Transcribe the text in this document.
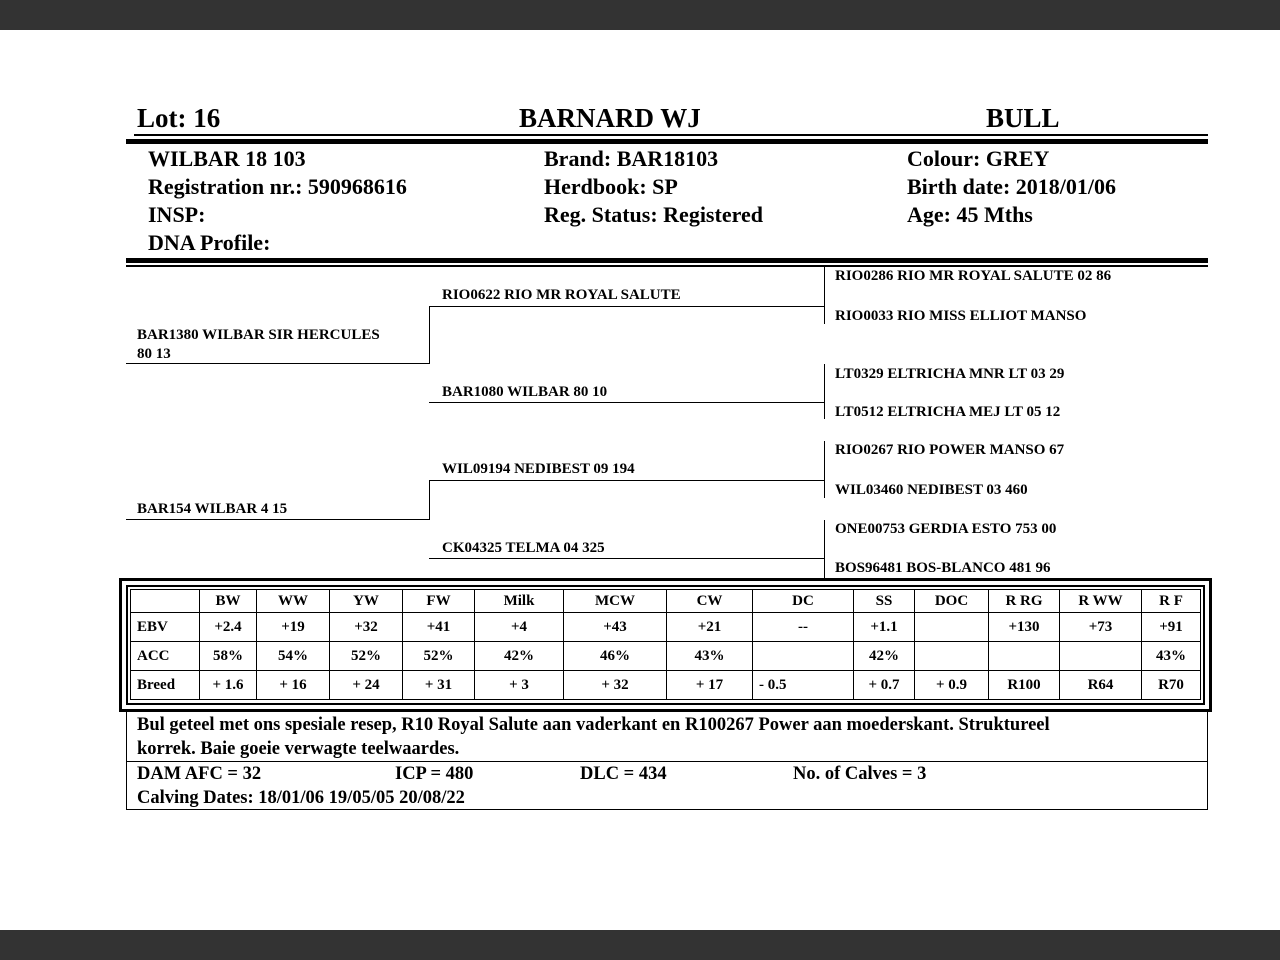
Lot: 16	BARNARD WJ	BULL
WILBAR 18 103
Registration nr.: 590968616
INSP:
DNA Profile:
Brand: BAR18103
Herdbook: SP
Reg. Status: Registered
Colour: GREY
Birth date: 2018/01/06
Age: 45 Mths
BAR1380 WILBAR SIR HERCULES
80 13
BAR154 WILBAR 4 15
RIO0622 RIO MR ROYAL SALUTE
BAR1080 WILBAR 80 10
WIL09194 NEDIBEST 09 194
CK04325 TELMA 04 325
RIO0286 RIO MR ROYAL SALUTE 02 86
RIO0033 RIO MISS ELLIOT MANSO
LT0329 ELTRICHA MNR LT 03 29
LT0512 ELTRICHA MEJ LT 05 12
RIO0267 RIO POWER MANSO 67
WIL03460 NEDIBEST 03 460
ONE00753 GERDIA ESTO 753 00
BOS96481 BOS-BLANCO 481 96
	BW	WW	YW	FW	Milk	MCW	CW	DC	SS	DOC	R RG	R WW	R F
EBV	+2.4	+19	+32	+41	+4	+43	+21	--	+1.1		+130	+73	+91
ACC	58%	54%	52%	52%	42%	46%	43%		42%				43%
Breed	+ 1.6	+ 16	+ 24	+ 31	+ 3	+ 32	+ 17	- 0.5	+ 0.7	+ 0.9	R100	R64	R70
Bul geteel met ons spesiale resep, R10 Royal Salute aan vaderkant en R100267 Power aan moederskant. Struktureel
korrek. Baie goeie verwagte teelwaardes.
DAM AFC = 32	ICP = 480	DLC = 434	No. of Calves = 3
Calving Dates: 18/01/06 19/05/05 20/08/22
